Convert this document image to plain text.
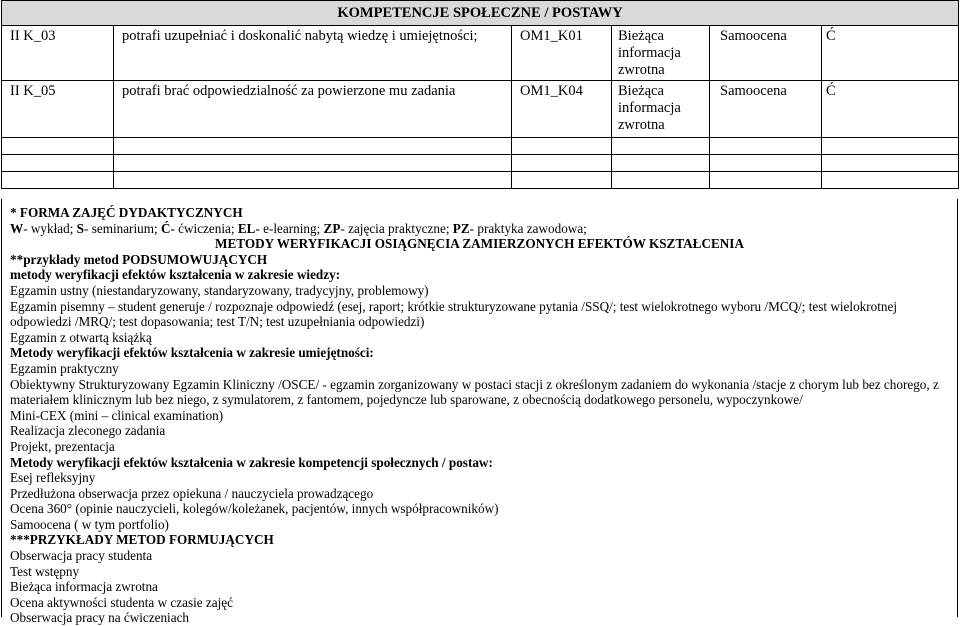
KOMPETENCJE SPOŁECZNE / POSTAWY					
II K_03	potrafi uzupełniać i doskonalić nabytą wiedzę i umiejętności;	OM1_K01	Bieżąca informacja zwrotna	Samoocena	Ć
II K_05	potrafi brać odpowiedzialność za powierzone mu zadania	OM1_K04	Bieżąca informacja zwrotna	Samoocena	Ć

* FORMA ZAJĘĆ DYDAKTYCZNYCH
W- wykład; S- seminarium; Ć- ćwiczenia; EL- e-learning; ZP- zajęcia praktyczne; PZ- praktyka zawodowa;
METODY WERYFIKACJI OSIĄGNĘCIA ZAMIERZONYCH EFEKTÓW KSZTAŁCENIA
**przykłady metod PODSUMOWUJĄCYCH
metody weryfikacji efektów kształcenia w zakresie wiedzy:
Egzamin ustny (niestandaryzowany, standaryzowany, tradycyjny, problemowy)
Egzamin pisemny – student generuje / rozpoznaje odpowiedź (esej, raport; krótkie strukturyzowane pytania /SSQ/; test wielokrotnego wyboru /MCQ/; test wielokrotnej odpowiedzi /MRQ/; test dopasowania; test T/N; test uzupełniania odpowiedzi)
Egzamin z otwartą książką
Metody weryfikacji efektów kształcenia w zakresie umiejętności:
Egzamin praktyczny
Obiektywny Strukturyzowany Egzamin Kliniczny /OSCE/ - egzamin zorganizowany w postaci stacji z określonym zadaniem do wykonania /stacje z chorym lub bez chorego, z materiałem klinicznym lub bez niego, z symulatorem, z fantomem, pojedyncze lub sparowane, z obecnością dodatkowego personelu, wypoczynkowe/
Mini-CEX (mini – clinical examination)
Realizacja zleconego zadania
Projekt, prezentacja
Metody weryfikacji efektów kształcenia w zakresie kompetencji społecznych / postaw:
Esej refleksyjny
Przedłużona obserwacja przez opiekuna / nauczyciela prowadzącego
Ocena 360° (opinie nauczycieli, kolegów/koleżanek, pacjentów, innych współpracowników)
Samoocena ( w tym portfolio)
***PRZYKŁADY METOD FORMUJĄCYCH
Obserwacja pracy studenta
Test wstępny
Bieżąca informacja zwrotna
Ocena aktywności studenta w czasie zajęć
Obserwacja pracy na ćwiczeniach
